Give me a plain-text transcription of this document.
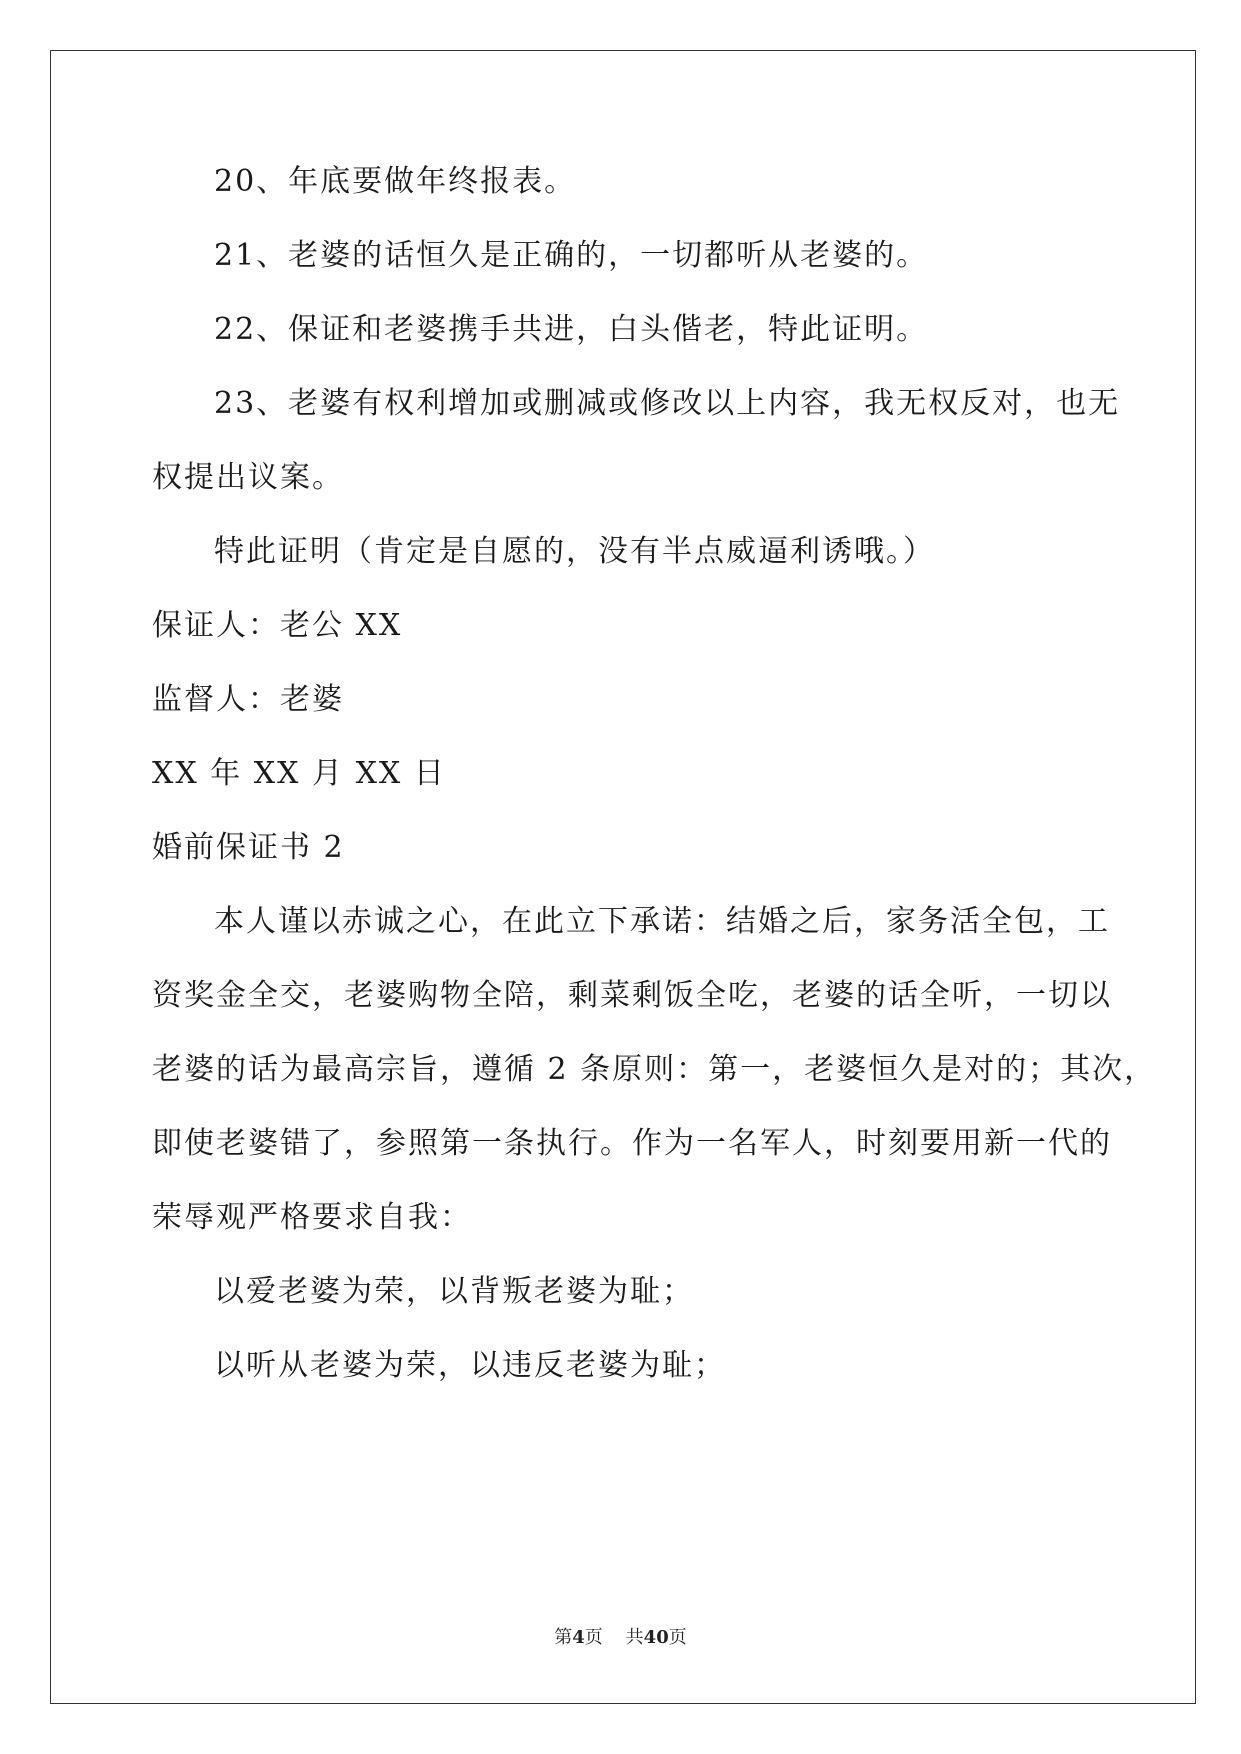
20、年底要做年终报表。
21、老婆的话恒久是正确的，一切都听从老婆的。
22、保证和老婆携手共进，白头偕老，特此证明。
23、老婆有权利增加或删减或修改以上内容，我无权反对，也无
权提出议案。
特此证明（肯定是自愿的，没有半点威逼利诱哦。）
保证人：老公 XX
监督人：老婆
XX 年 XX 月 XX 日
婚前保证书 2
本人谨以赤诚之心，在此立下承诺：结婚之后，家务活全包，工
资奖金全交，老婆购物全陪，剩菜剩饭全吃，老婆的话全听，一切以
老婆的话为最高宗旨，遵循 2 条原则：第一，老婆恒久是对的；其次，
即使老婆错了，参照第一条执行。作为一名军人，时刻要用新一代的
荣辱观严格要求自我：
以爱老婆为荣，以背叛老婆为耻；
以听从老婆为荣，以违反老婆为耻；
第4页 共40页
